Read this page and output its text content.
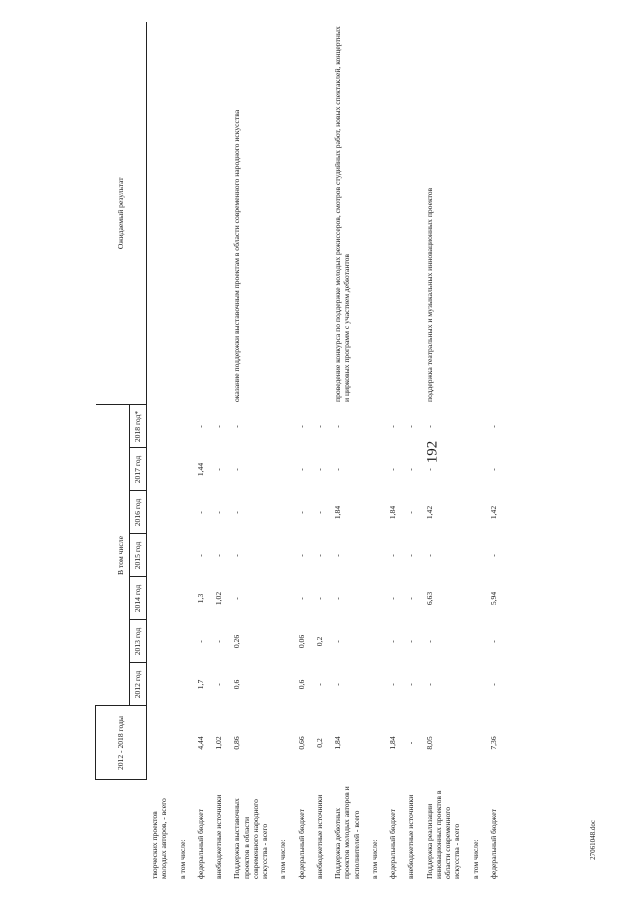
192
27061048.doc
	2012 - 2018 годы								Ожидаемый результат
		В том числе							
		2012 год	2013 год	2014 год	2015 год	2016 год	2017 год	2018 год*	
творческих проектов молодых авторов, - всего									
в том числе:									
федеральный бюджет	4,44	1,7	-	1,3	-	-	1,44	-	
внебюджетные источники	1,02	-	-	1,02	-	-	-	-	
Поддержка выставочных проектов в области современного народного искусства - всего	0,86	0,6	0,26	-	-	-	-	-	оказание поддержки выставочным проектам в области современного народного искусства
в том числе:									
федеральный бюджет	0,66	0,6	0,06	-	-	-	-	-	
внебюджетные источники	0,2	-	0,2	-	-	-	-	-	
Поддержка дебютных проектов молодых авторов и исполнителей - всего	1,84	-	-	-	-	1,84	-	-	проведение конкурса по поддержке молодых режиссеров, смотров студийных работ, новых спектаклей, концертных и цирковых программ с участием дебютантов
в том числе:									
федеральный бюджет	1,84	-	-	-	-	1,84	-	-	
внебюджетные источники	-	-	-	-	-	-	-	-	
Поддержка реализации инновационных проектов в области современного искусства - всего	8,05	-	-	6,63	-	1,42	-	-	поддержка театральных и музыкальных инновационных проектов
в том числе:									
федеральный бюджет	7,36	-	-	5,94	-	1,42	-	-	
